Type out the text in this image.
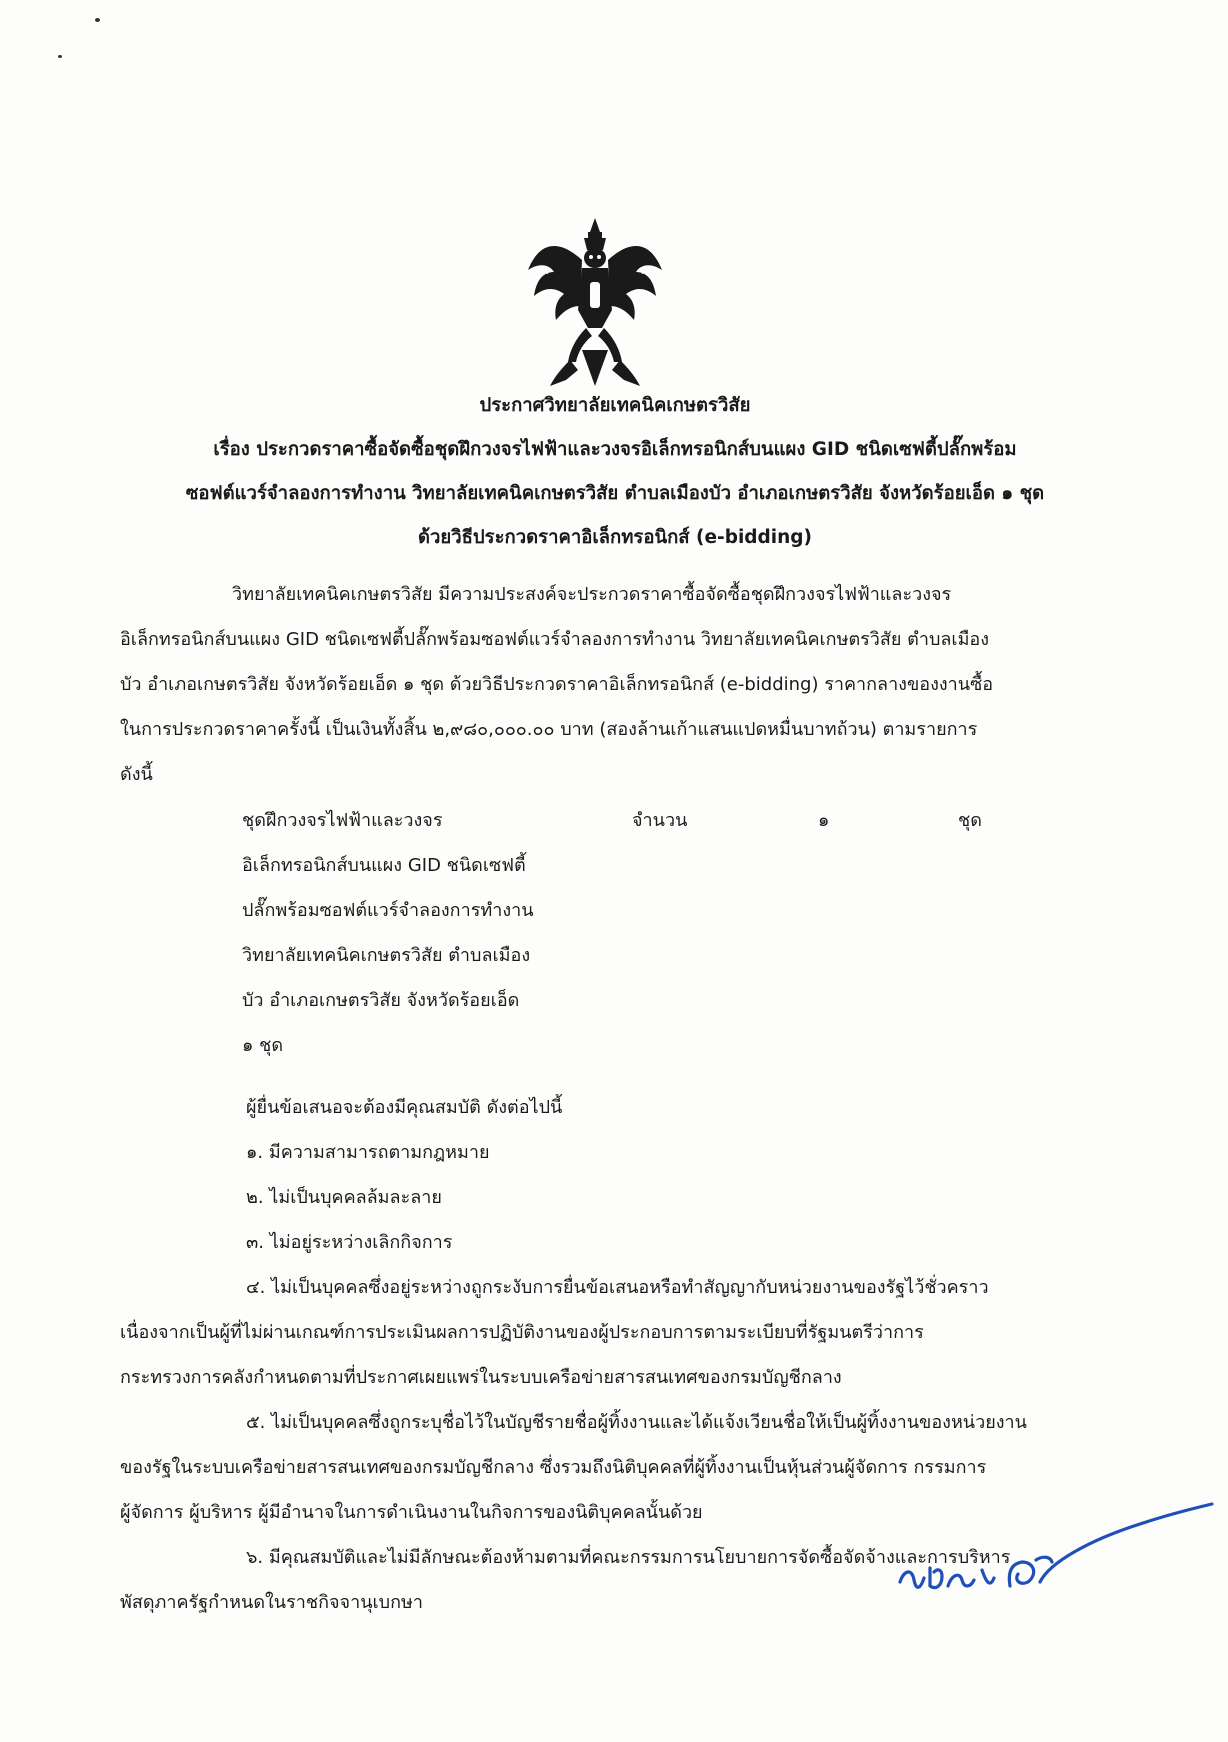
ประกาศวิทยาลัยเทคนิคเกษตรวิสัย
เรื่อง ประกวดราคาซื้อจัดซื้อชุดฝึกวงจรไฟฟ้าและวงจรอิเล็กทรอนิกส์บนแผง GID ชนิดเซฟตี้ปลั๊กพร้อม
ซอฟต์แวร์จำลองการทำงาน วิทยาลัยเทคนิคเกษตรวิสัย ตำบลเมืองบัว อำเภอเกษตรวิสัย จังหวัดร้อยเอ็ด ๑ ชุด
ด้วยวิธีประกวดราคาอิเล็กทรอนิกส์ (e-bidding)
วิทยาลัยเทคนิคเกษตรวิสัย มีความประสงค์จะประกวดราคาซื้อจัดซื้อชุดฝึกวงจรไฟฟ้าและวงจร
อิเล็กทรอนิกส์บนแผง GID ชนิดเซฟตี้ปลั๊กพร้อมซอฟต์แวร์จำลองการทำงาน วิทยาลัยเทคนิคเกษตรวิสัย ตำบลเมือง
บัว อำเภอเกษตรวิสัย จังหวัดร้อยเอ็ด ๑ ชุด ด้วยวิธีประกวดราคาอิเล็กทรอนิกส์ (e-bidding) ราคากลางของงานซื้อ
ในการประกวดราคาครั้งนี้ เป็นเงินทั้งสิ้น ๒,๙๘๐,๐๐๐.๐๐ บาท (สองล้านเก้าแสนแปดหมื่นบาทถ้วน) ตามรายการ
ดังนี้
ชุดฝึกวงจรไฟฟ้าและวงจร
อิเล็กทรอนิกส์บนแผง GID ชนิดเซฟตี้
ปลั๊กพร้อมซอฟต์แวร์จำลองการทำงาน
วิทยาลัยเทคนิคเกษตรวิสัย ตำบลเมือง
บัว อำเภอเกษตรวิสัย จังหวัดร้อยเอ็ด
๑ ชุด
จำนวน	๑	ชุด
ผู้ยื่นข้อเสนอจะต้องมีคุณสมบัติ ดังต่อไปนี้
๑. มีความสามารถตามกฎหมาย
๒. ไม่เป็นบุคคลล้มละลาย
๓. ไม่อยู่ระหว่างเลิกกิจการ
๔. ไม่เป็นบุคคลซึ่งอยู่ระหว่างถูกระงับการยื่นข้อเสนอหรือทำสัญญากับหน่วยงานของรัฐไว้ชั่วคราว
เนื่องจากเป็นผู้ที่ไม่ผ่านเกณฑ์การประเมินผลการปฏิบัติงานของผู้ประกอบการตามระเบียบที่รัฐมนตรีว่าการ
กระทรวงการคลังกำหนดตามที่ประกาศเผยแพร่ในระบบเครือข่ายสารสนเทศของกรมบัญชีกลาง
๕. ไม่เป็นบุคคลซึ่งถูกระบุชื่อไว้ในบัญชีรายชื่อผู้ทิ้งงานและได้แจ้งเวียนชื่อให้เป็นผู้ทิ้งงานของหน่วยงาน
ของรัฐในระบบเครือข่ายสารสนเทศของกรมบัญชีกลาง ซึ่งรวมถึงนิติบุคคลที่ผู้ทิ้งงานเป็นหุ้นส่วนผู้จัดการ กรรมการ
ผู้จัดการ ผู้บริหาร ผู้มีอำนาจในการดำเนินงานในกิจการของนิติบุคคลนั้นด้วย
๖. มีคุณสมบัติและไม่มีลักษณะต้องห้ามตามที่คณะกรรมการนโยบายการจัดซื้อจัดจ้างและการบริหาร
พัสดุภาครัฐกำหนดในราชกิจจานุเบกษา
